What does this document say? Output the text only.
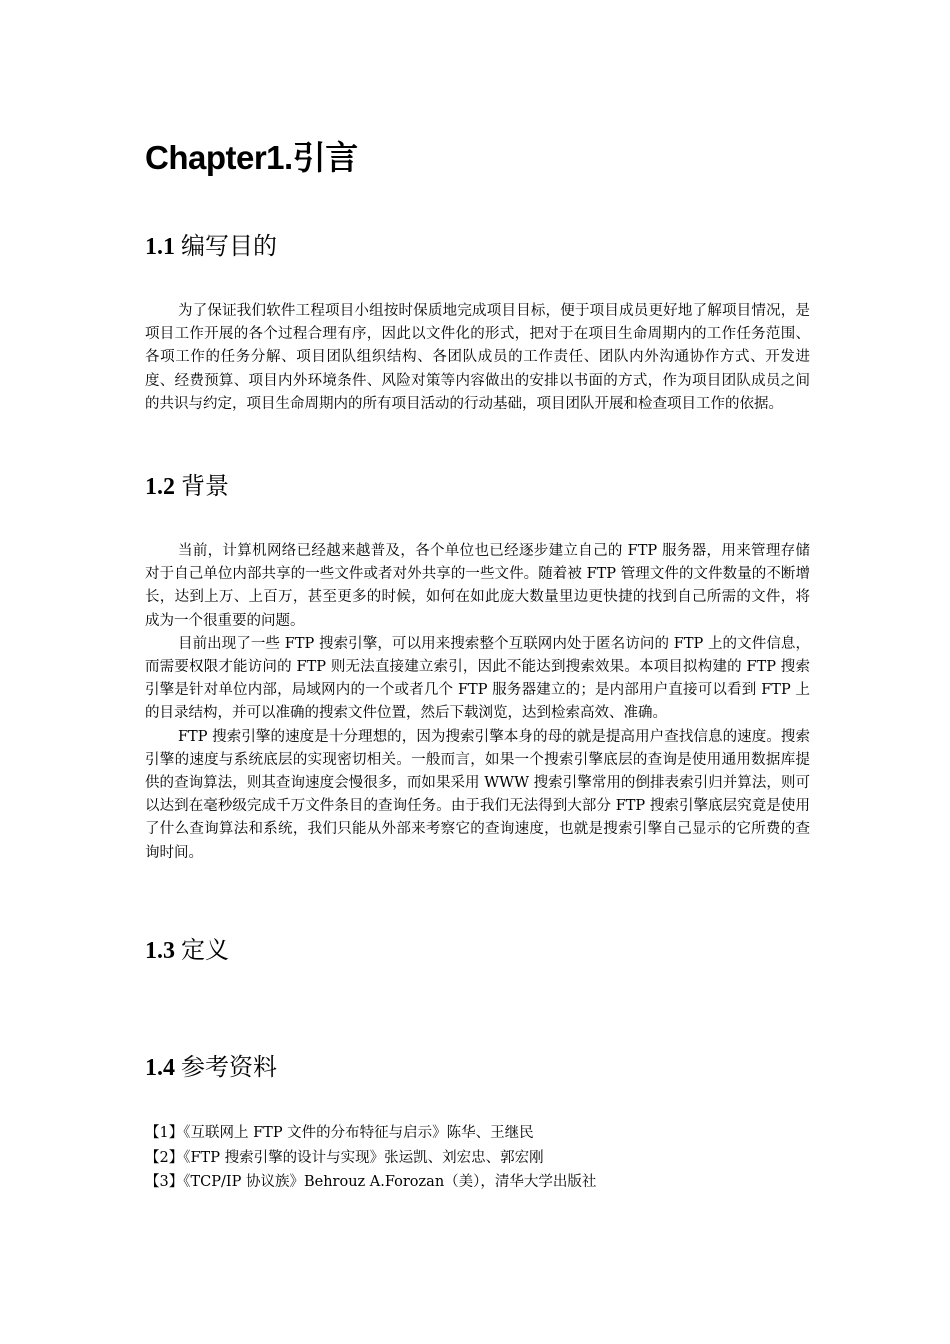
Chapter1.引言
1.1 编写目的

为了保证我们软件工程项目小组按时保质地完成项目目标，便于项目成员更好地了解项目情况，是项目工作开展的各个过程合理有序，因此以文件化的形式，把对于在项目生命周期内的工作任务范围、各项工作的任务分解、项目团队组织结构、各团队成员的工作责任、团队内外沟通协作方式、开发进度、经费预算、项目内外环境条件、风险对策等内容做出的安排以书面的方式，作为项目团队成员之间的共识与约定，项目生命周期内的所有项目活动的行动基础，项目团队开展和检查项目工作的依据。

1.2 背景

当前，计算机网络已经越来越普及，各个单位也已经逐步建立自己的 FTP 服务器，用来管理存储对于自己单位内部共享的一些文件或者对外共享的一些文件。随着被 FTP 管理文件的文件数量的不断增长，达到上万、上百万，甚至更多的时候，如何在如此庞大数量里边更快捷的找到自己所需的文件，将成为一个很重要的问题。

目前出现了一些 FTP 搜索引擎，可以用来搜索整个互联网内处于匿名访问的 FTP 上的文件信息，而需要权限才能访问的 FTP 则无法直接建立索引，因此不能达到搜索效果。本项目拟构建的 FTP 搜索引擎是针对单位内部，局域网内的一个或者几个 FTP 服务器建立的；是内部用户直接可以看到 FTP 上的目录结构，并可以准确的搜索文件位置，然后下载浏览，达到检索高效、准确。

FTP 搜索引擎的速度是十分理想的，因为搜索引擎本身的母的就是提高用户查找信息的速度。搜索引擎的速度与系统底层的实现密切相关。一般而言，如果一个搜索引擎底层的查询是使用通用数据库提供的查询算法，则其查询速度会慢很多，而如果采用 WWW 搜索引擎常用的倒排表索引归并算法，则可以达到在毫秒级完成千万文件条目的查询任务。由于我们无法得到大部分 FTP 搜索引擎底层究竟是使用了什么查询算法和系统，我们只能从外部来考察它的查询速度，也就是搜索引擎自己显示的它所费的查询时间。

1.3 定义
1.4 参考资料
【1】《互联网上 FTP 文件的分布特征与启示》陈华、王继民
【2】《FTP 搜索引擎的设计与实现》张运凯、刘宏忠、郭宏刚
【3】《TCP/IP 协议族》Behrouz A.Forozan（美），清华大学出版社
